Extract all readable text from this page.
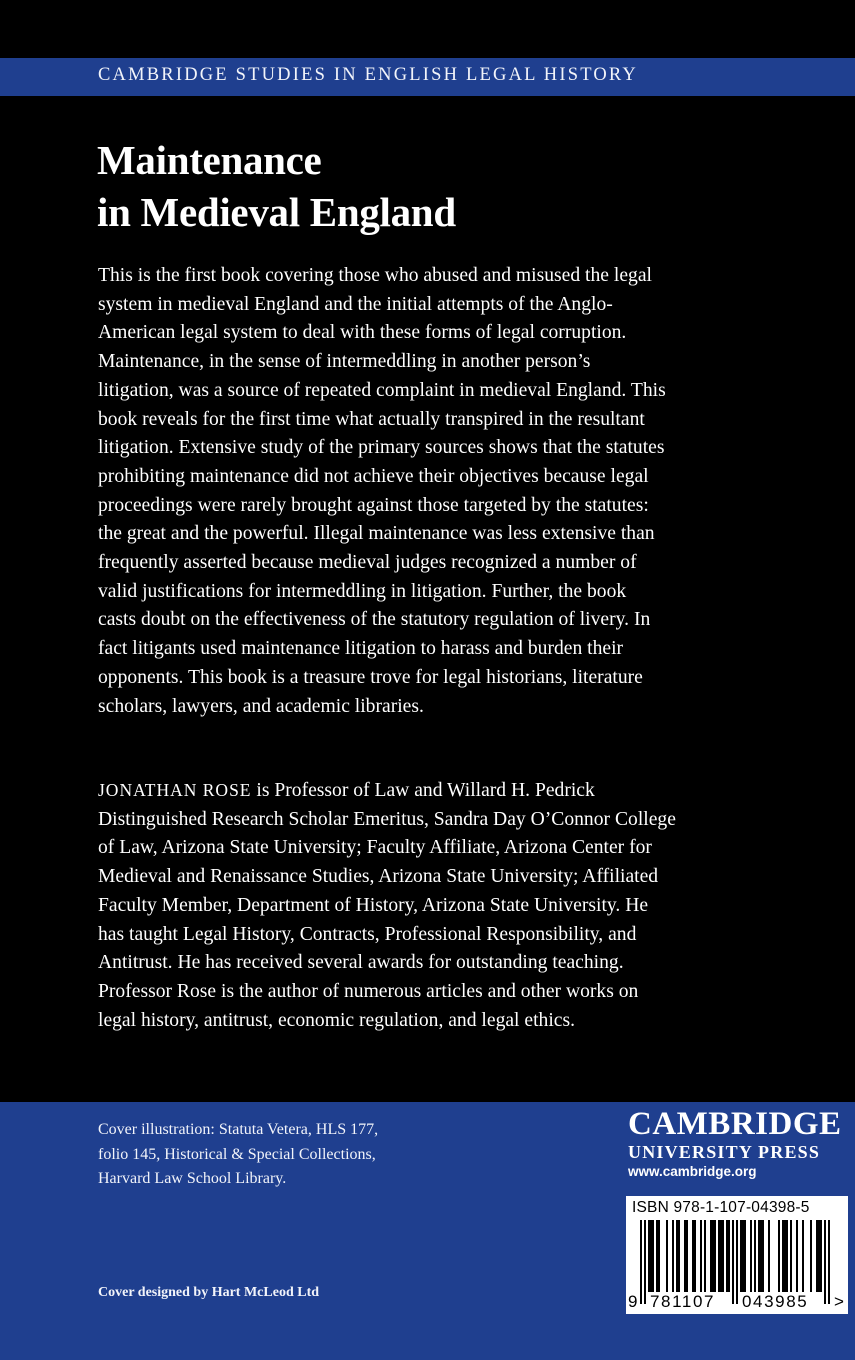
CAMBRIDGE STUDIES IN ENGLISH LEGAL HISTORY
Maintenance
in Medieval England

This is the first book covering those who abused and misused the legal
system in medieval England and the initial attempts of the Anglo-
American legal system to deal with these forms of legal corruption.
Maintenance, in the sense of intermeddling in another person’s
litigation, was a source of repeated complaint in medieval England. This
book reveals for the first time what actually transpired in the resultant
litigation. Extensive study of the primary sources shows that the statutes
prohibiting maintenance did not achieve their objectives because legal
proceedings were rarely brought against those targeted by the statutes:
the great and the powerful. Illegal maintenance was less extensive than
frequently asserted because medieval judges recognized a number of
valid justifications for intermeddling in litigation. Further, the book
casts doubt on the effectiveness of the statutory regulation of livery. In
fact litigants used maintenance litigation to harass and burden their
opponents. This book is a treasure trove for legal historians, literature
scholars, lawyers, and academic libraries.

JONATHAN ROSE is Professor of Law and Willard H. Pedrick
Distinguished Research Scholar Emeritus, Sandra Day O’Connor College
of Law, Arizona State University; Faculty Affiliate, Arizona Center for
Medieval and Renaissance Studies, Arizona State University; Affiliated
Faculty Member, Department of History, Arizona State University. He
has taught Legal History, Contracts, Professional Responsibility, and
Antitrust. He has received several awards for outstanding teaching.
Professor Rose is the author of numerous articles and other works on
legal history, antitrust, economic regulation, and legal ethics.

Cover illustration: Statuta Vetera, HLS 177,
folio 145, Historical & Special Collections,
Harvard Law School Library.

Cover designed by Hart McLeod Ltd

CAMBRIDGE
UNIVERSITY PRESS
www.cambridge.org
ISBN 978-1-107-04398-5
9 781107 043985 >
